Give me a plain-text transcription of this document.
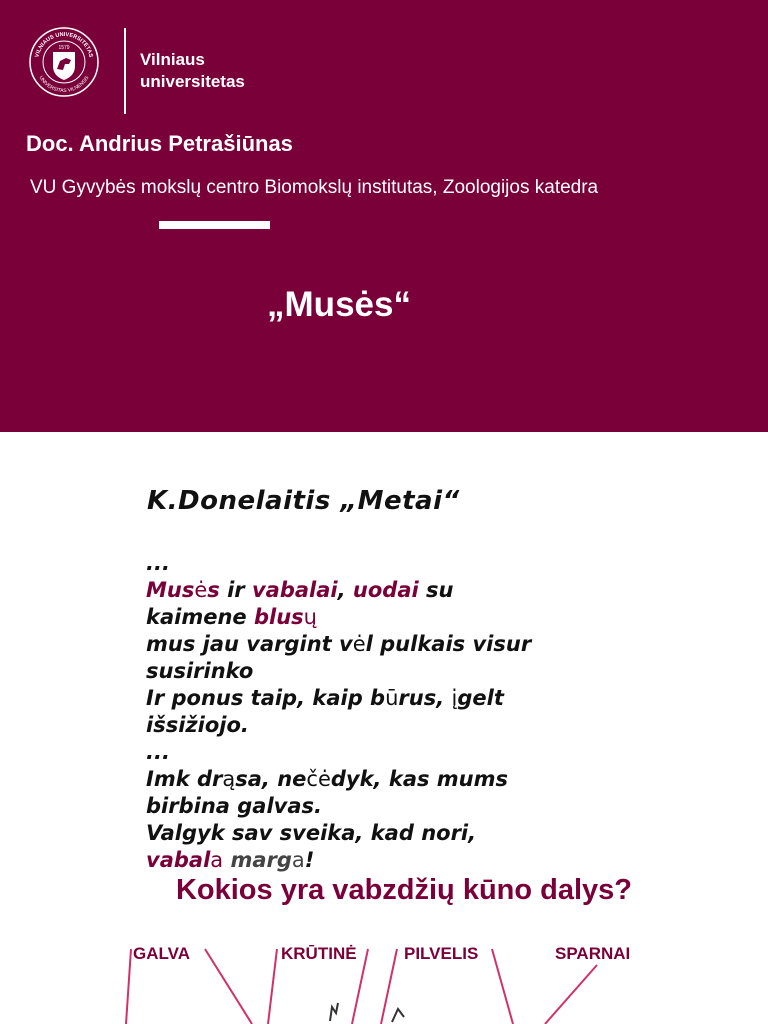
VILNIAUS UNIVERSITETAS
UNIVERSITAS VILNENSIS
1579
Vilniaus
universitetas
Doc. Andrius Petrašiūnas
VU Gyvybės mokslų centro Biomokslų institutas, Zoologijos katedra
„Musės“
K.Donelaitis „Metai“
...
Musės ir vabalai, uodai su
kaimene blusų
mus jau vargint vėl pulkais visur
susirinko
Ir ponus taip, kaip būrus, įgelt
išsižiojo.
...
Imk drąsa, nečėdyk, kas mums
birbina galvas.
Valgyk sav sveika, kad nori,
vabala marga!
Kokios yra vabzdžių kūno dalys?
GALVA	KRŪTINĖ	PILVELIS	SPARNAI
